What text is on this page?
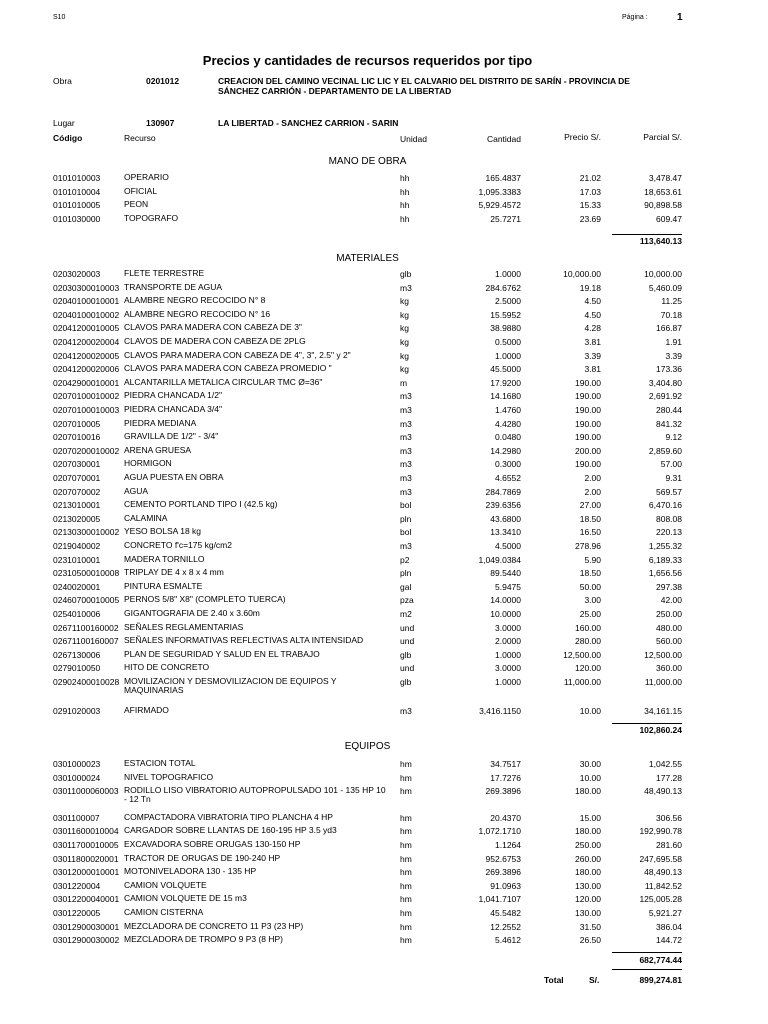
S10	Página :	1
Precios y cantidades de recursos requeridos por tipo
Obra	0201012	CREACION DEL CAMINO VECINAL LIC LIC Y EL CALVARIO DEL DISTRITO DE SARÍN - PROVINCIA DE SÁNCHEZ CARRIÓN - DEPARTAMENTO DE LA LIBERTAD
Lugar	130907	LA LIBERTAD - SANCHEZ CARRION - SARIN
Código	Recurso	Unidad	Cantidad	Precio S/.	Parcial S/.
MANO DE OBRA
0101010003	OPERARIO	hh	165.4837	21.02	3,478.47
0101010004	OFICIAL	hh	1,095.3383	17.03	18,653.61
0101010005	PEON	hh	5,929.4572	15.33	90,898.58
0101030000	TOPOGRAFO	hh	25.7271	23.69	609.47
113,640.13
MATERIALES
0203020003	FLETE TERRESTRE	glb	1.0000	10,000.00	10,000.00
02030300010003 TRANSPORTE DE AGUA	m3	284.6762	19.18	5,460.09
02040100010001 ALAMBRE NEGRO RECOCIDO N° 8	kg	2.5000	4.50	11.25
02040100010002 ALAMBRE NEGRO RECOCIDO N° 16	kg	15.5952	4.50	70.18
02041200010005 CLAVOS PARA MADERA CON CABEZA DE 3"	kg	38.9880	4.28	166.87
02041200020004 CLAVOS DE MADERA CON CABEZA DE 2PLG	kg	0.5000	3.81	1.91
02041200020005 CLAVOS PARA MADERA CON CABEZA DE 4", 3", 2.5" y 2"	kg	1.0000	3.39	3.39
02041200020006 CLAVOS PARA MADERA CON CABEZA PROMEDIO "	kg	45.5000	3.81	173.36
02042900010001 ALCANTARILLA METALICA CIRCULAR TMC Ø=36"	m	17.9200	190.00	3,404.80
02070100010002 PIEDRA CHANCADA 1/2"	m3	14.1680	190.00	2,691.92
02070100010003 PIEDRA CHANCADA 3/4"	m3	1.4760	190.00	280.44
0207010005	PIEDRA MEDIANA	m3	4.4280	190.00	841.32
0207010016	GRAVILLA DE 1/2" - 3/4"	m3	0.0480	190.00	9.12
02070200010002 ARENA GRUESA	m3	14.2980	200.00	2,859.60
0207030001	HORMIGON	m3	0.3000	190.00	57.00
0207070001	AGUA PUESTA EN OBRA	m3	4.6552	2.00	9.31
0207070002	AGUA	m3	284.7869	2.00	569.57
0213010001	CEMENTO PORTLAND TIPO I (42.5 kg)	bol	239.6356	27.00	6,470.16
0213020005	CALAMINA	pln	43.6800	18.50	808.08
02130300010002 YESO BOLSA 18 kg	bol	13.3410	16.50	220.13
0219040002	CONCRETO f'c=175 kg/cm2	m3	4.5000	278.96	1,255.32
0231010001	MADERA TORNILLO	p2	1,049.0384	5.90	6,189.33
02310500010008 TRIPLAY DE 4 x 8 x 4 mm	pln	89.5440	18.50	1,656.56
0240020001	PINTURA ESMALTE	gal	5.9475	50.00	297.38
02460700010005 PERNOS 5/8" X8" (COMPLETO TUERCA)	pza	14.0000	3.00	42.00
0254010006	GIGANTOGRAFIA DE 2.40 x 3.60m	m2	10.0000	25.00	250.00
02671100160002 SEÑALES REGLAMENTARIAS	und	3.0000	160.00	480.00
02671100160007 SEÑALES INFORMATIVAS REFLECTIVAS ALTA INTENSIDAD	und	2.0000	280.00	560.00
0267130006	PLAN DE SEGURIDAD Y SALUD EN EL TRABAJO	glb	1.0000	12,500.00	12,500.00
0279010050	HITO DE CONCRETO	und	3.0000	120.00	360.00
02902400010028 MOVILIZACION Y DESMOVILIZACION DE EQUIPOS Y MAQUINARIAS
glb	1.0000	11,000.00	11,000.00
0291020003	AFIRMADO	m3	3,416.1150	10.00	34,161.15
102,860.24
EQUIPOS
0301000023	ESTACION TOTAL	hm	34.7517	30.00	1,042.55
0301000024	NIVEL TOPOGRAFICO	hm	17.7276	10.00	177.28
03011000060003 RODILLO LISO VIBRATORIO AUTOPROPULSADO 101 - 135 HP 10 - 12 Tn
hm	269.3896	180.00	48,490.13
0301100007	COMPACTADORA VIBRATORIA TIPO PLANCHA 4 HP	hm	20.4370	15.00	306.56
03011600010004 CARGADOR SOBRE LLANTAS DE 160-195 HP 3.5 yd3	hm	1,072.1710	180.00	192,990.78
03011700010005 EXCAVADORA SOBRE ORUGAS 130-150 HP	hm	1.1264	250.00	281.60
03011800020001 TRACTOR DE ORUGAS DE 190-240 HP	hm	952.6753	260.00	247,695.58
03012000010001 MOTONIVELADORA 130 - 135 HP	hm	269.3896	180.00	48,490.13
0301220004	CAMION VOLQUETE	hm	91.0963	130.00	11,842.52
03012200040001 CAMION VOLQUETE DE 15 m3	hm	1,041.7107	120.00	125,005.28
0301220005	CAMION CISTERNA	hm	45.5482	130.00	5,921.27
03012900030001 MEZCLADORA DE CONCRETO 11 P3 (23 HP)	hm	12.2552	31.50	386.04
03012900030002 MEZCLADORA DE TROMPO 9 P3 (8 HP)	hm	5.4612	26.50	144.72
682,774.44
Total	S/.	899,274.81
